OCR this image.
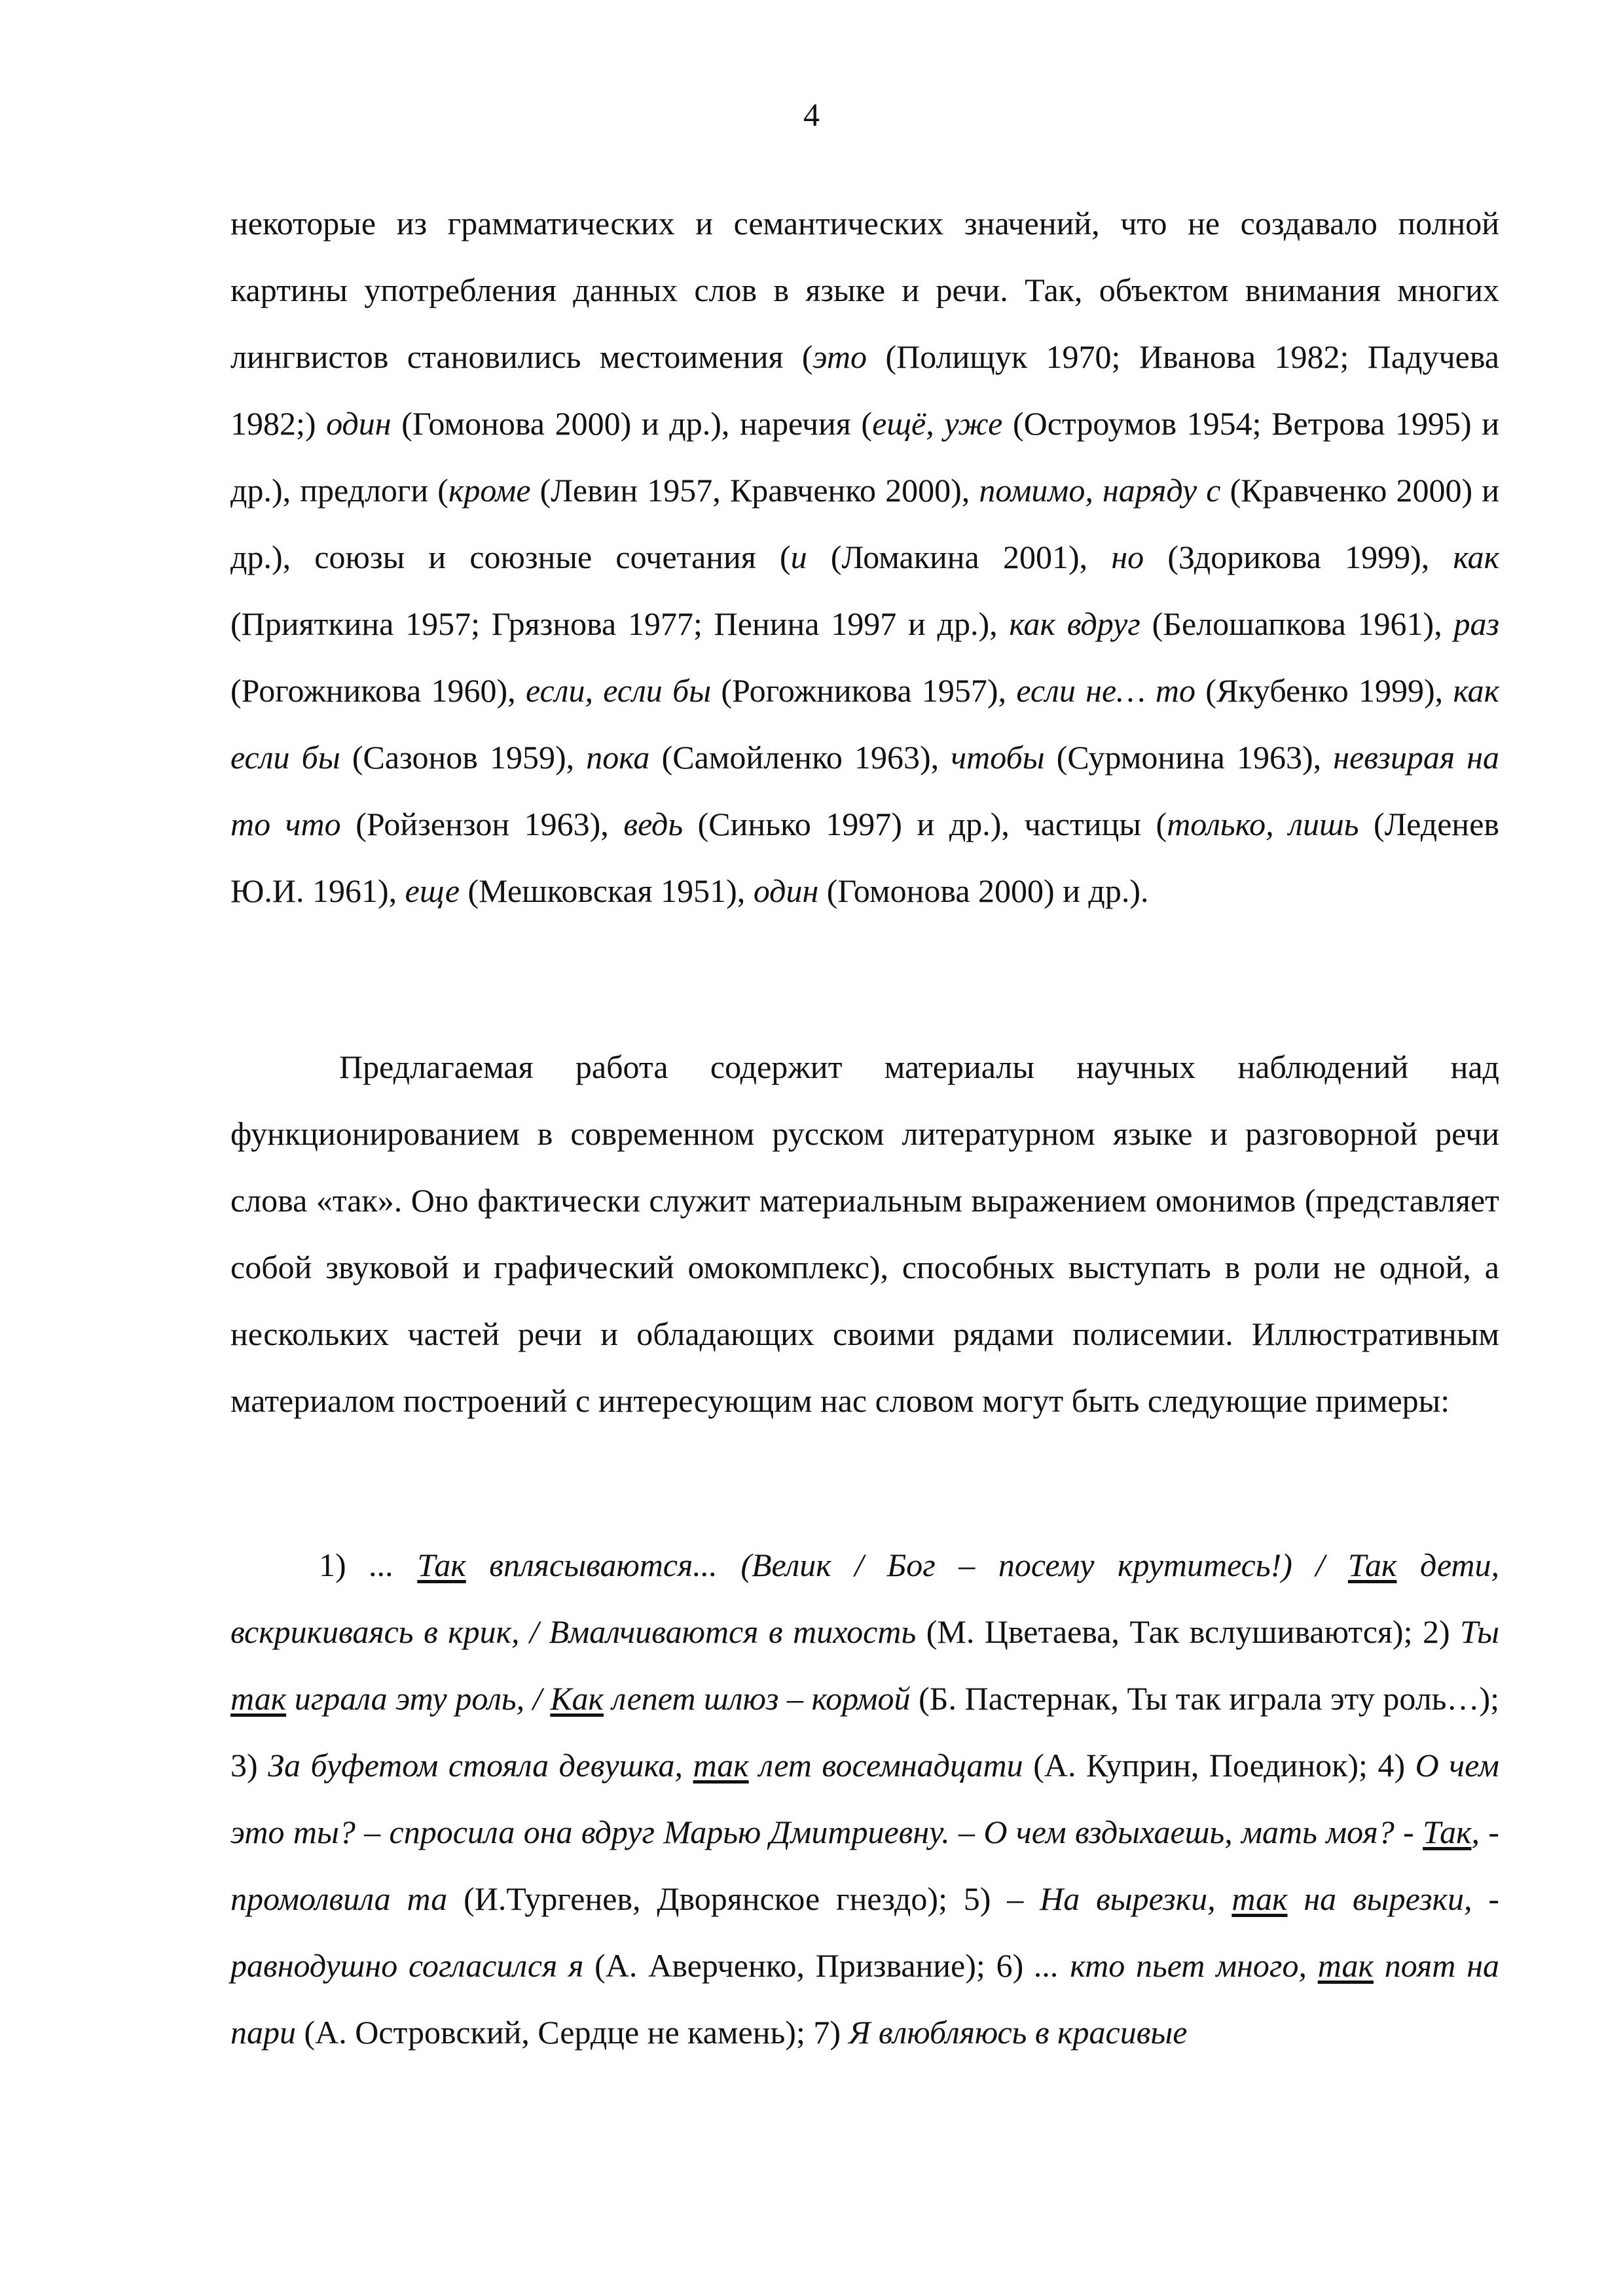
4

некоторые из грамматических и семантических значений, что не создавало полной картины употребления данных слов в языке и речи. Так, объектом внимания многих лингвистов становились местоимения (это (Полищук 1970; Иванова 1982; Падучева 1982;) один (Гомонова 2000) и др.), наречия (ещё, уже (Остроумов 1954; Ветрова 1995) и др.), предлоги (кроме (Левин 1957, Кравченко 2000), помимо, наряду с (Кравченко 2000) и др.), союзы и союзные сочетания (и (Ломакина 2001), но (Здорикова 1999), как (Прияткина 1957; Грязнова 1977; Пенина 1997 и др.), как вдруг (Белошапкова 1961), раз (Рогожникова 1960), если, если бы (Рогожникова 1957), если не… то (Якубенко 1999), как если бы (Сазонов 1959), пока (Самойленко 1963), чтобы (Сурмонина 1963), невзирая на то что (Ройзензон 1963), ведь (Синько 1997) и др.), частицы (только, лишь (Леденев Ю.И. 1961), еще (Мешковская 1951), один (Гомонова 2000) и др.).

Предлагаемая работа содержит материалы научных наблюдений над функционированием в современном русском литературном языке и разговорной речи слова «так». Оно фактически служит материальным выражением омонимов (представляет собой звуковой и графический омокомплекс), способных выступать в роли не одной, а нескольких частей речи и обладающих своими рядами полисемии. Иллюстративным материалом построений с интересующим нас словом могут быть следующие примеры:

1) ... Так вплясываются... (Велик / Бог – посему крутитесь!) / Так дети, вскрикиваясь в крик, / Вмалчиваются в тихость (М. Цветаева, Так вслушиваются); 2) Ты так играла эту роль, / Как лепет шлюз – кормой (Б. Пастернак, Ты так играла эту роль…); 3) За буфетом стояла девушка, так лет восемнадцати (А. Куприн, Поединок); 4) О чем это ты? – спросила она вдруг Марью Дмитриевну. – О чем вздыхаешь, мать моя? - Так, - промолвила та (И.Тургенев, Дворянское гнездо); 5) – На вырезки, так на вырезки, - равнодушно согласился я (А. Аверченко, Призвание); 6) ... кто пьет много, так поят на пари (А. Островский, Сердце не камень); 7) Я влюбляюсь в красивые
